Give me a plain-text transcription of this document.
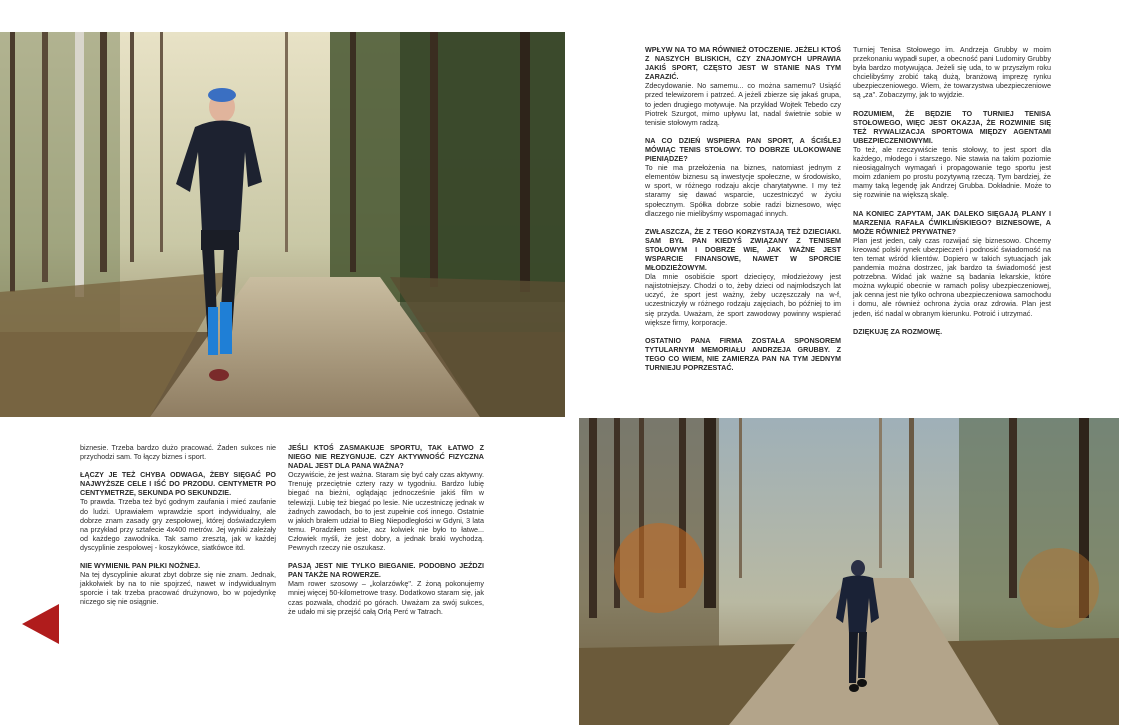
WPŁYW NA TO MA RÓWNIEŻ OTOCZENIE. JEŻELI KTOŚ Z NASZYCH BLISKICH, CZY ZNAJOMYCH UPRAWIA JAKIŚ SPORT, CZĘSTO JEST W STANIE NAS TYM ZARAZIĆ.
Zdecydowanie. No samemu... co można samemu? Usiąść przed telewizorem i patrzeć. A jeżeli zbierze się jakaś grupa, to jeden drugiego motywuje. Na przykład Wojtek Tebedo czy Piotrek Szurgot, mimo upływu lat, nadal świetnie sobie w tenisie stołowym radzą.

NA CO DZIEŃ WSPIERA PAN SPORT, A ŚCIŚLEJ MÓWIĄC TENIS STOŁOWY. TO DOBRZE ULOKOWANE PIENIĄDZE?
To nie ma przełożenia na biznes, natomiast jednym z elementów biznesu są inwestycje społeczne, w środowisko, w sport, w różnego rodzaju akcje charytatywne. I my też staramy się dawać wsparcie, uczestniczyć w życiu społecznym. Spółka dobrze sobie radzi biznesowo, więc dlaczego nie mielibyśmy wspomagać innych.

ZWŁASZCZA, ŻE Z TEGO KORZYSTAJĄ TEŻ DZIECIAKI. SAM BYŁ PAN KIEDYŚ ZWIĄZANY Z TENISEM STOŁOWYM I DOBRZE WIE, JAK WAŻNE JEST WSPARCIE FINANSOWE, NAWET W SPORCIE MŁODZIEŻOWYM.
Dla mnie osobiście sport dziecięcy, młodzieżowy jest najistotniejszy. Chodzi o to, żeby dzieci od najmłodszych lat uczyć, że sport jest ważny, żeby uczęszczały na w-f, uczestniczyły w różnego rodzaju zajęciach, bo później to im się przyda. Uważam, że sport zawodowy powinny wspierać większe firmy, korporacje.

OSTATNIO PANA FIRMA ZOSTAŁA SPONSOREM TYTULARNYM MEMORIAŁU ANDRZEJA GRUBBY. Z TEGO CO WIEM, NIE ZAMIERZA PAN NA TYM JEDNYM TURNIEJU POPRZESTAĆ.

Turniej Tenisa Stołowego im. Andrzeja Grubby w moim przekonaniu wypadł super, a obecność pani Ludomiry Grubby była bardzo motywująca. Jeżeli się uda, to w przyszłym roku chcielibyśmy zrobić taką dużą, branżową imprezę rynku ubezpieczeniowego. Wiem, że towarzystwa ubezpieczeniowe są „za". Zobaczymy, jak to wyjdzie.

ROZUMIEM, ŻE BĘDZIE TO TURNIEJ TENISA STOŁOWEGO, WIĘC JEST OKAZJA, ŻE ROZWINIE SIĘ TEŻ RYWALIZACJA SPORTOWA MIĘDZY AGENTAMI UBEZPIECZENIOWYMI.
To też, ale rzeczywiście tenis stołowy, to jest sport dla każdego, młodego i starszego. Nie stawia na takim poziomie nieosiągalnych wymagań i propagowanie tego sportu jest moim zdaniem po prostu pozytywną rzeczą. Tym bardziej, że mamy taką legendę jak Andrzej Grubba. Dokładnie. Może to się rozwinie na większą skalę.

NA KONIEC ZAPYTAM, JAK DALEKO SIĘGAJĄ PLANY I MARZENIA RAFAŁA ĆWIKLIŃSKIEGO? BIZNESOWE, A MOŻE RÓWNIEŻ PRYWATNE?
Plan jest jeden, cały czas rozwijać się biznesowo. Chcemy kreować polski rynek ubezpieczeń i podnosić świadomość na ten temat wśród klientów. Dopiero w takich sytuacjach jak pandemia można dostrzec, jak bardzo ta świadomość jest potrzebna. Widać jak ważne są badania lekarskie, które można wykupić obecnie w ramach polisy ubezpieczeniowej, jak cenna jest nie tylko ochrona ubezpieczeniowa samochodu i domu, ale również ochrona życia oraz zdrowia. Plan jest jeden, iść nadal w obranym kierunku. Potroić i utrzymać.

DZIĘKUJĘ ZA ROZMOWĘ.

biznesie. Trzeba bardzo dużo pracować. Żaden sukces nie przychodzi sam. To łączy biznes i sport.

ŁĄCZY JE TEŻ CHYBA ODWAGA, ŻEBY SIĘGAĆ PO NAJWYŻSZE CELE I IŚĆ DO PRZODU. CENTYMETR PO CENTYMETRZE, SEKUNDA PO SEKUNDZIE.
To prawda. Trzeba też być godnym zaufania i mieć zaufanie do ludzi. Uprawiałem wprawdzie sport indywidualny, ale dobrze znam zasady gry zespołowej, której doświadczyłem na przykład przy sztafecie 4x400 metrów. Jej wyniki zależały od każdego zawodnika. Tak samo zresztą, jak w każdej dyscyplinie zespołowej - koszykówce, siatkówce itd.

NIE WYMIENIŁ PAN PIŁKI NOŻNEJ.
Na tej dyscyplinie akurat zbyt dobrze się nie znam. Jednak, jakkolwiek by na to nie spojrzeć, nawet w indywidualnym sporcie i tak trzeba pracować drużynowo, bo w pojedynkę niczego się nie osiągnie.

JEŚLI KTOŚ ZASMAKUJE SPORTU, TAK ŁATWO Z NIEGO NIE REZYGNUJE. CZY AKTYWNOŚĆ FIZYCZNA NADAL JEST DLA PANA WAŻNA?
Oczywiście, że jest ważna. Staram się być cały czas aktywny. Trenuję przeciętnie cztery razy w tygodniu. Bardzo lubię biegać na bieżni, oglądając jednocześnie jakiś film w telewizji. Lubię też biegać po lesie. Nie uczestniczę jednak w żadnych zawodach, bo to jest zupełnie coś innego. Ostatnie w jakich brałem udział to Bieg Niepodległości w Gdyni, 3 lata temu. Poradziłem sobie, acz kolwiek nie było to łatwe... Człowiek myśli, że jest dobry, a jednak braki wychodzą. Pewnych rzeczy nie oszukasz.

PASJĄ JEST NIE TYLKO BIEGANIE. PODOBNO JEŹDZI PAN TAKŻE NA ROWERZE.
Mam rower szosowy – „kolarzówkę". Z żoną pokonujemy mniej więcej 50-kilometrowe trasy. Dodatkowo staram się, jak czas pozwala, chodzić po górach. Uważam za swój sukces, że udało mi się przejść całą Orlą Perć w Tatrach.
